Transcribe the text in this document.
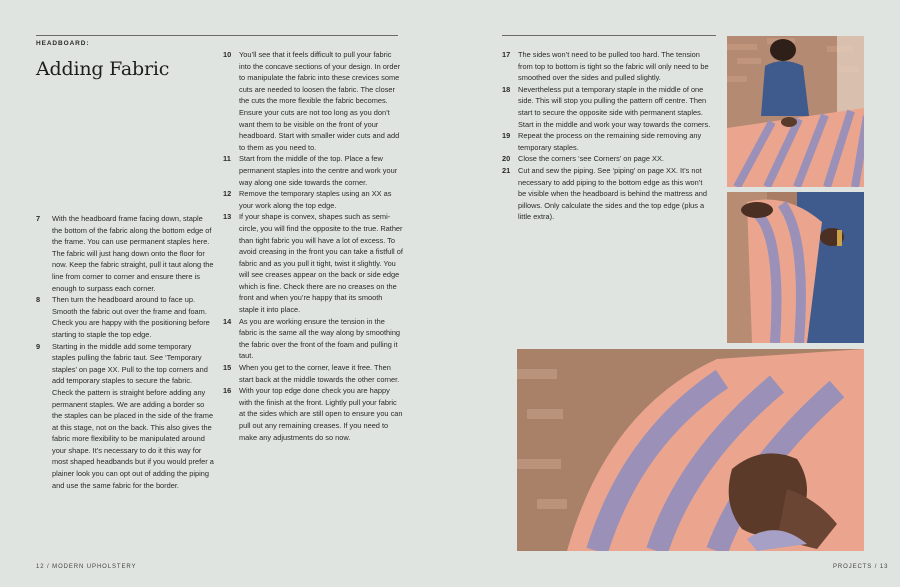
HEADBOARD:
Adding Fabric
7	With the headboard frame facing down, staple the bottom of the fabric along the bottom edge of the frame. You can use permanent staples here. The fabric will just hang down onto the floor for now. Keep the fabric straight, pull it taut along the line from corner to corner and ensure there is enough to surpass each corner.
8	Then turn the headboard around to face up. Smooth the fabric out over the frame and foam. Check you are happy with the positioning before starting to staple the top edge.
9	Starting in the middle add some temporary staples pulling the fabric taut. See ‘Temporary staples’ on page XX. Pull to the top corners and add temporary staples to secure the fabric. Check the pattern is straight before adding any permanent staples. We are adding a border so the staples can be placed in the side of the frame at this stage, not on the back. This also gives the fabric more flexibility to be manipulated around your shape. It’s necessary to do it this way for most shaped headbands but if you would prefer a plainer look you can opt out of adding the piping and use the same fabric for the border.
10	You’ll see that it feels difficult to pull your fabric into the concave sections of your design. In order to manipulate the fabric into these crevices some cuts are needed to loosen the fabric. The closer the cuts the more flexible the fabric becomes. Ensure your cuts are not too long as you don’t want them to be visible on the front of your headboard. Start with smaller wider cuts and add to them as you need to.
11	Start from the middle of the top. Place a few permanent staples into the centre and work your way along one side towards the corner.
12	Remove the temporary staples using an XX as your work along the top edge.
13	If your shape is convex, shapes such as semi-circle, you will find the opposite to the true. Rather than tight fabric you will have a lot of excess. To avoid creasing in the front you can take a fistfull of fabric and as you pull it tight, twist it slightly. You will see creases appear on the back or side edge which is fine. Check there are no creases on the front and when you’re happy that its smooth staple it into place.
14	As you are working ensure the tension in the fabric is the same all the way along by smoothing the fabric over the front of the foam and pulling it taut.
15	When you get to the corner, leave it free. Then start back at the middle towards the other corner.
16	With your top edge done check you are happy with the finish at the front. Lightly pull your fabric at the sides which are still open to ensure you can pull out any remaining creases. If you need to make any adjustments do so now.
12 / MODERN UPHOLSTERY
17	The sides won’t need to be pulled too hard. The tension from top to bottom is tight so the fabric will only need to be smoothed over the sides and pulled slightly.
18	Nevertheless put a temporary staple in the middle of one side. This will stop you pulling the pattern off centre. Then start to secure the opposite side with permanent staples. Start in the middle and work your way towards the corners.
19	Repeat the process on the remaining side removing any temporary staples.
20	Close the corners ‘see Corners’ on page XX.
21	Cut and sew the piping. See ‘piping’ on page XX. It’s not necessary to add piping to the bottom edge as this won’t be visible when the headboard is behind the mattress and pillows. Only calculate the sides and the top edge (plus a little extra).
PROJECTS / 13
